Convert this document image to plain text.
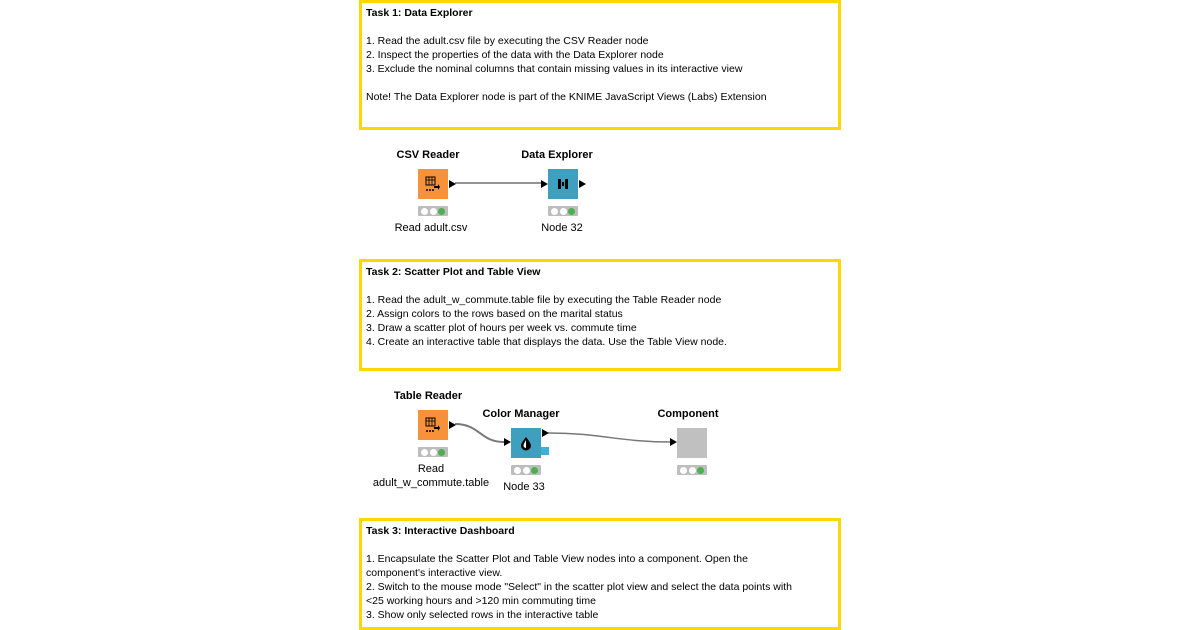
Task 1: Data Explorer
1. Read the adult.csv file by executing the CSV Reader node
2. Inspect the properties of the data with the Data Explorer node
3. Exclude the nominal columns that contain missing values in its interactive view
Note! The Data Explorer node is part of the KNIME JavaScript Views (Labs) Extension
Task 2: Scatter Plot and Table View
1. Read the adult_w_commute.table file by executing the Table Reader node
2. Assign colors to the rows based on the marital status
3. Draw a scatter plot of hours per week vs. commute time
4. Create an interactive table that displays the data. Use the Table View node.
Task 3: Interactive Dashboard
1. Encapsulate the Scatter Plot and Table View nodes into a component. Open the
component's interactive view.
2. Switch to the mouse mode "Select" in the scatter plot view and select the data points with
<25 working hours and >120 min commuting time
3. Show only selected rows in the interactive table
CSV Reader
Read adult.csv
Data Explorer
Node 32
Table Reader
Read
adult_w_commute.table
Color Manager
Node 33
Component
